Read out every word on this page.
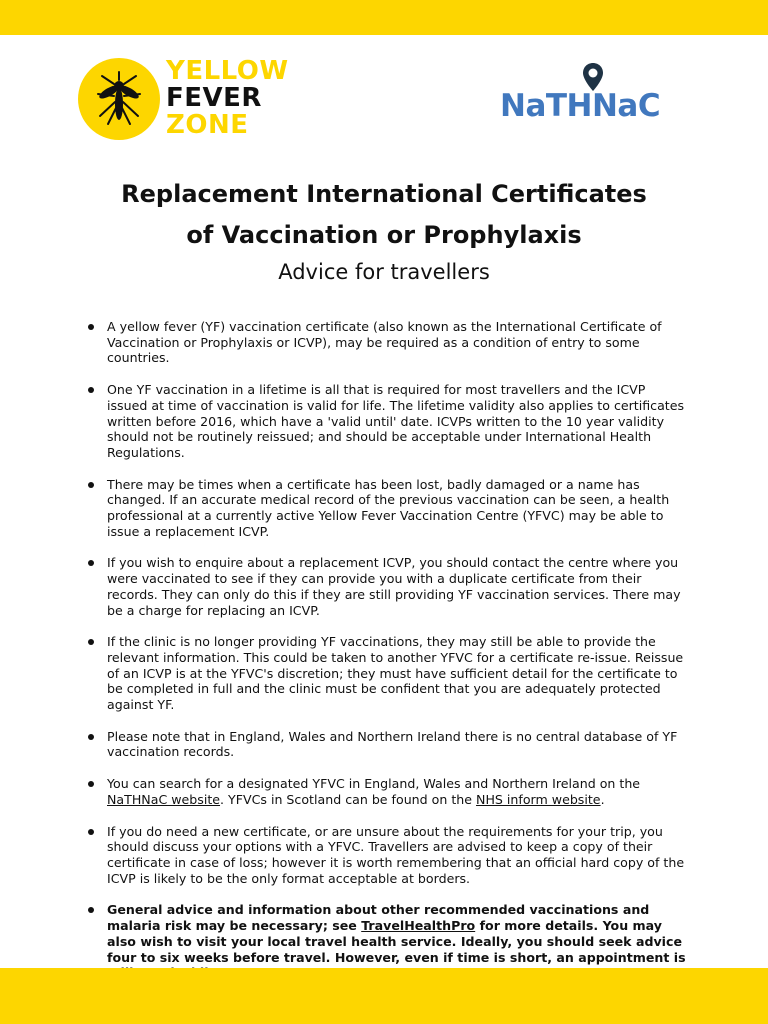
YELLOW
FEVER
ZONE
NaTHNaC
Replacement International Certificates
of Vaccination or Prophylaxis
Advice for travellers
A yellow fever (YF) vaccination certificate (also known as the International Certificate of Vaccination or Prophylaxis or ICVP), may be required as a condition of entry to some countries.
One YF vaccination in a lifetime is all that is required for most travellers and the ICVP issued at time of vaccination is valid for life. The lifetime validity also applies to certificates written before 2016, which have a 'valid until' date. ICVPs written to the 10 year validity should not be routinely reissued; and should be acceptable under International Health Regulations.
There may be times when a certificate has been lost, badly damaged or a name has changed. If an accurate medical record of the previous vaccination can be seen, a health professional at a currently active Yellow Fever Vaccination Centre (YFVC) may be able to issue a replacement ICVP.
If you wish to enquire about a replacement ICVP, you should contact the centre where you were vaccinated to see if they can provide you with a duplicate certificate from their records. They can only do this if they are still providing YF vaccination services. There may be a charge for replacing an ICVP.
If the clinic is no longer providing YF vaccinations, they may still be able to provide the relevant information. This could be taken to another YFVC for a certificate re-issue. Reissue of an ICVP is at the YFVC's discretion; they must have sufficient detail for the certificate to be completed in full and the clinic must be confident that you are adequately protected against YF.
Please note that in England, Wales and Northern Ireland there is no central database of YF vaccination records.
You can search for a designated YFVC in England, Wales and Northern Ireland on the NaTHNaC website. YFVCs in Scotland can be found on the NHS inform website.
If you do need a new certificate, or are unsure about the requirements for your trip, you should discuss your options with a YFVC. Travellers are advised to keep a copy of their certificate in case of loss; however it is worth remembering that an official hard copy of the ICVP is likely to be the only format acceptable at borders.
General advice and information about other recommended vaccinations and malaria risk may be necessary; see TravelHealthPro for more details. You may also wish to visit your local travel health service. Ideally, you should seek advice four to six weeks before travel. However, even if time is short, an appointment is
